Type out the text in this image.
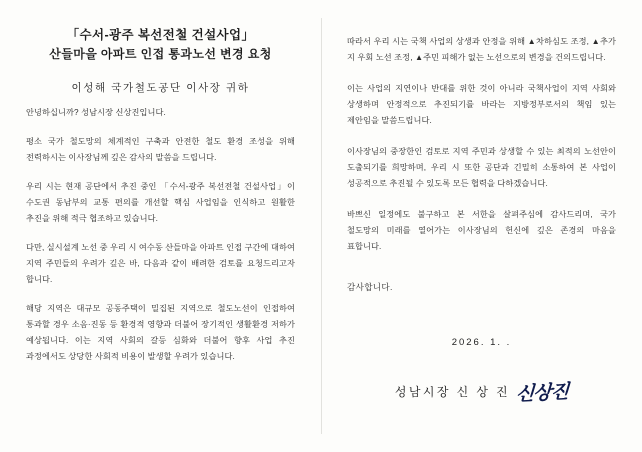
「수서-광주 복선전철 건설사업」
산들마을 아파트 인접 통과노선 변경 요청
이성해 국가철도공단 이사장 귀하

안녕하십니까? 성남시장 신상진입니다.

평소 국가 철도망의 체계적인 구축과 안전한 철도 환경 조성을 위해 전력하시는 이사장님께 깊은 감사의 말씀을 드립니다.

우리 시는 현재 공단에서 추진 중인 「수서-광주 복선전철 건설사업」이 수도권 동남부의 교통 편의를 개선할 핵심 사업임을 인식하고 원활한 추진을 위해 적극 협조하고 있습니다.

다만, 실시설계 노선 중 우리 시 여수동 산들마을 아파트 인접 구간에 대하여 지역 주민들의 우려가 깊은 바, 다음과 같이 배려한 검토를 요청드리고자 합니다.

해당 지역은 대규모 공동주택이 밀집된 지역으로 철도노선이 인접하여 통과할 경우 소음·진동 등 환경적 영향과 더불어 장기적인 생활환경 저하가 예상됩니다. 이는 지역 사회의 갈등 심화와 더불어 향후 사업 추진 과정에서도 상당한 사회적 비용이 발생할 우려가 있습니다.

따라서 우리 시는 국책 사업의 상생과 안정을 위해 ▲차하심도 조정, ▲추가 지 우회 노선 조정, ▲주민 피해가 없는 노선으로의 변경을 건의드립니다.

이는 사업의 지연이나 반대를 위한 것이 아니라 국책사업이 지역 사회와 상생하며 안정적으로 추진되기를 바라는 지방정부로서의 책임 있는 제안임을 말씀드립니다.

이사장님의 중장한인 검토로 지역 주민과 상생할 수 있는 최적의 노선안이 도출되기를 희망하며, 우리 시 또한 공단과 긴밀히 소통하여 본 사업이 성공적으로 추진될 수 있도록 모든 협력을 다하겠습니다.

바쁘신 일정에도 불구하고 본 서한을 살펴주심에 감사드리며, 국가 철도망의 미래를 열어가는 이사장님의 헌신에 깊은 존경의 마음을 표합니다.

감사합니다.

2026. 1. .
성남시장 신 상 진 신상진
